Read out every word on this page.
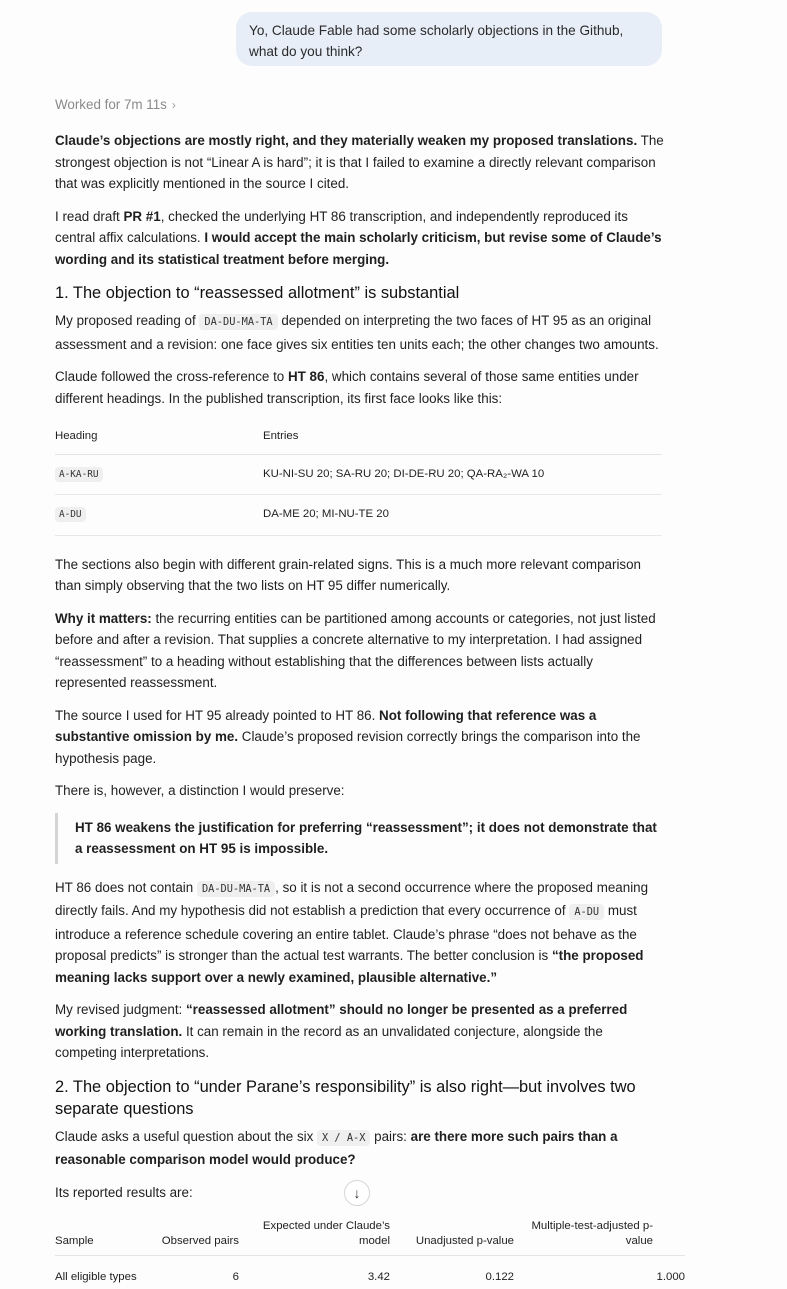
Yo, Claude Fable had some scholarly objections in the Github, what do you think?
Worked for 7m 11s ›

Claude’s objections are mostly right, and they materially weaken my proposed translations. The strongest objection is not “Linear A is hard”; it is that I failed to examine a directly relevant comparison that was explicitly mentioned in the source I cited.

I read draft PR #1, checked the underlying HT 86 transcription, and independently reproduced its central affix calculations. I would accept the main scholarly criticism, but revise some of Claude’s wording and its statistical treatment before merging.

1. The objection to “reassessed allotment” is substantial

My proposed reading of DA-DU-MA-TA depended on interpreting the two faces of HT 95 as an original assessment and a revision: one face gives six entities ten units each; the other changes two amounts.

Claude followed the cross-reference to HT 86, which contains several of those same entities under different headings. In the published transcription, its first face looks like this:

Heading	Entries
A-KA-RU	KU-NI-SU 20; SA-RU 20; DI-DE-RU 20; QA-RA₂-WA 10
A-DU	DA-ME 20; MI-NU-TE 20

The sections also begin with different grain-related signs. This is a much more relevant comparison than simply observing that the two lists on HT 95 differ numerically.

Why it matters: the recurring entities can be partitioned among accounts or categories, not just listed before and after a revision. That supplies a concrete alternative to my interpretation. I had assigned “reassessment” to a heading without establishing that the differences between lists actually represented reassessment.

The source I used for HT 95 already pointed to HT 86. Not following that reference was a substantive omission by me. Claude’s proposed revision correctly brings the comparison into the hypothesis page.

There is, however, a distinction I would preserve:

HT 86 weakens the justification for preferring “reassessment”; it does not demonstrate that a reassessment on HT 95 is impossible.

HT 86 does not contain DA-DU-MA-TA , so it is not a second occurrence where the proposed meaning directly fails. And my hypothesis did not establish a prediction that every occurrence of A-DU must introduce a reference schedule covering an entire tablet. Claude’s phrase “does not behave as the proposal predicts” is stronger than the actual test warrants. The better conclusion is “the proposed meaning lacks support over a newly examined, plausible alternative.”

My revised judgment: “reassessed allotment” should no longer be presented as a preferred working translation. It can remain in the record as an unvalidated conjecture, alongside the competing interpretations.

2. The objection to “under Parane’s responsibility” is also right—but involves two separate questions

Claude asks a useful question about the six X / A-X pairs: are there more such pairs than a reasonable comparison model would produce?

Its reported results are:

Sample	Observed pairs	Expected under Claude’s model	Unadjusted p-value	Multiple-test-adjusted p-value
All eligible types	6	3.42	0.122	1.000
↓
